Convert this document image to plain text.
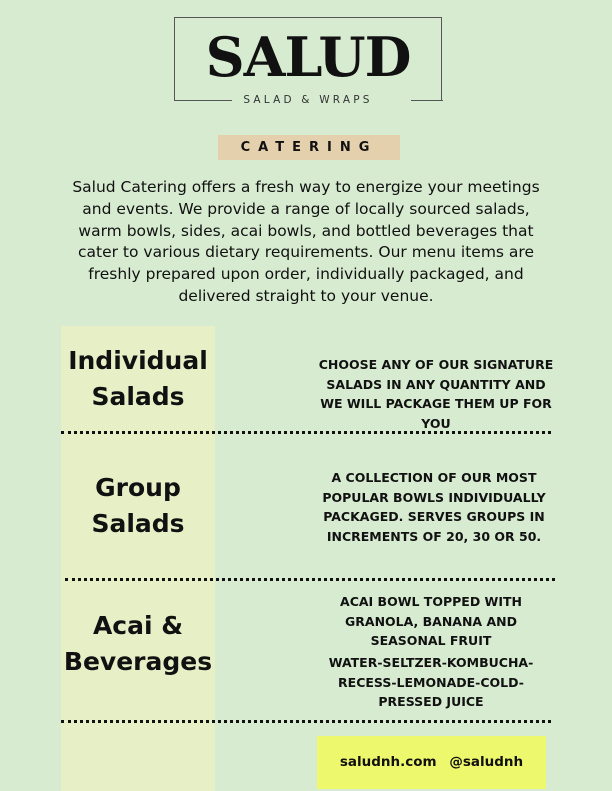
SALUD
SALAD & WRAPS
CATERING
Salud Catering offers a fresh way to energize your meetings and events. We provide a range of locally sourced salads, warm bowls, sides, acai bowls, and bottled beverages that cater to various dietary requirements. Our menu items are freshly prepared upon order, individually packaged, and delivered straight to your venue.
Individual
Salads
CHOOSE ANY OF OUR SIGNATURE SALADS IN ANY QUANTITY AND WE WILL PACKAGE THEM UP FOR YOU
Group
Salads
A COLLECTION OF OUR MOST POPULAR BOWLS INDIVIDUALLY PACKAGED. SERVES GROUPS IN INCREMENTS OF 20, 30 OR 50.
Acai &
Beverages
ACAI BOWL TOPPED WITH GRANOLA, BANANA AND SEASONAL FRUIT
WATER-SELTZER-KOMBUCHA-RECESS-LEMONADE-COLD-PRESSED JUICE
saludnh.com @saludnh
